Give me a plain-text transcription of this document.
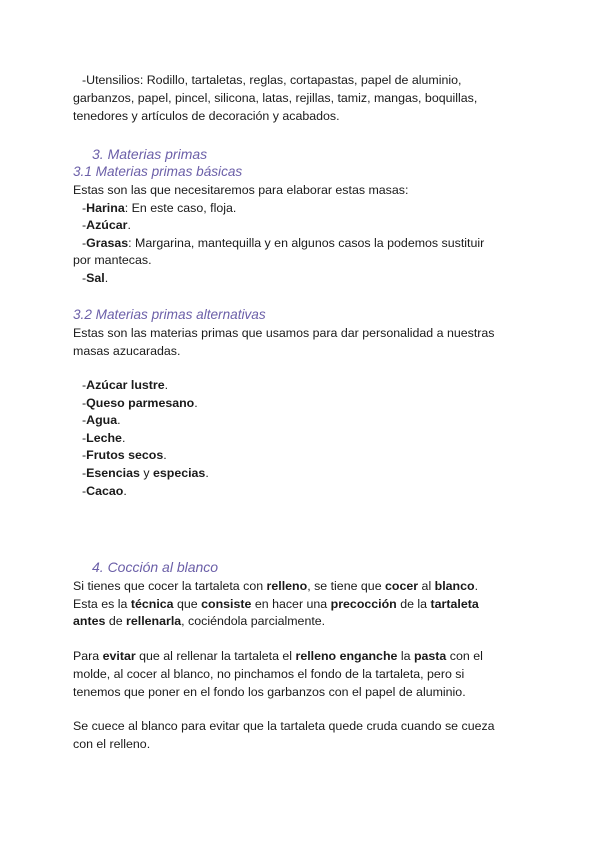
-Utensilios: Rodillo, tartaletas, reglas, cortapastas, papel de aluminio,
garbanzos, papel, pincel, silicona, latas, rejillas, tamiz, mangas, boquillas,
tenedores y artículos de decoración y acabados.
3. Materias primas
3.1 Materias primas básicas
Estas son las que necesitaremos para elaborar estas masas:
-Harina: En este caso, floja.
-Azúcar.
-Grasas: Margarina, mantequilla y en algunos casos la podemos sustituir
por mantecas.
-Sal.
3.2 Materias primas alternativas
Estas son las materias primas que usamos para dar personalidad a nuestras
masas azucaradas.
-Azúcar lustre.
-Queso parmesano.
-Agua.
-Leche.
-Frutos secos.
-Esencias y especias.
-Cacao.
4. Cocción al blanco
Si tienes que cocer la tartaleta con relleno, se tiene que cocer al blanco.
Esta es la técnica que consiste en hacer una precocción de la tartaleta
antes de rellenarla, cociéndola parcialmente.
Para evitar que al rellenar la tartaleta el relleno enganche la pasta con el
molde, al cocer al blanco, no pinchamos el fondo de la tartaleta, pero si
tenemos que poner en el fondo los garbanzos con el papel de aluminio.
Se cuece al blanco para evitar que la tartaleta quede cruda cuando se cueza
con el relleno.
